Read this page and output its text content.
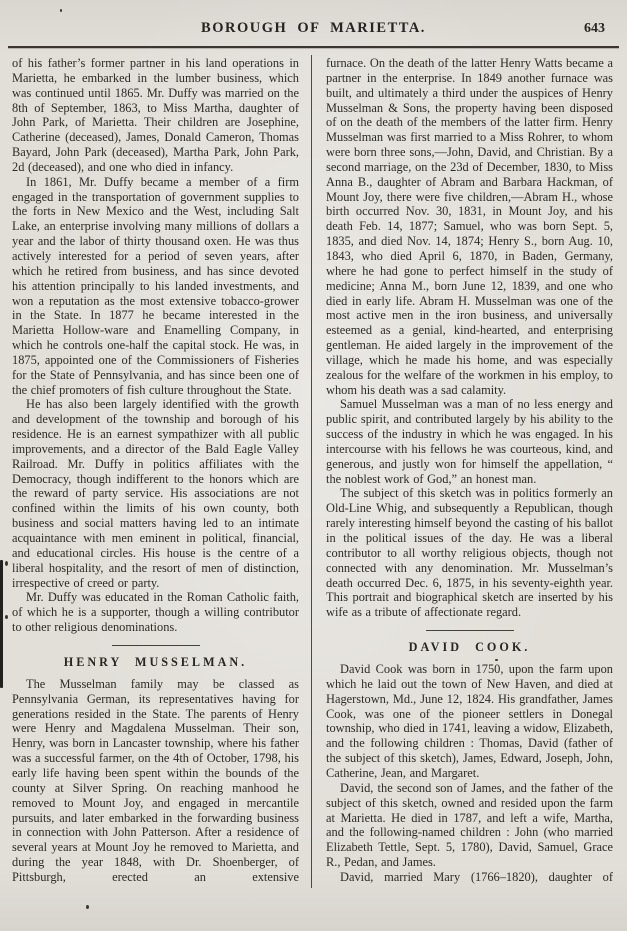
BOROUGH OF MARIETTA.	643

of his father’s former partner in his land operations in Marietta, he embarked in the lumber business, which was continued until 1865. Mr. Duffy was married on the 8th of September, 1863, to Miss Martha, daughter of John Park, of Marietta. Their children are Josephine, Catherine (deceased), James, Donald Cameron, Thomas Bayard, John Park (deceased), Martha Park, John Park, 2d (deceased), and one who died in infancy.

In 1861, Mr. Duffy became a member of a firm engaged in the transportation of government supplies to the forts in New Mexico and the West, including Salt Lake, an enterprise involving many millions of dollars a year and the labor of thirty thousand oxen. He was thus actively interested for a period of seven years, after which he retired from business, and has since devoted his attention principally to his landed investments, and won a reputation as the most extensive tobacco-grower in the State. In 1877 he became interested in the Marietta Hollow-ware and Enamelling Company, in which he controls one-half the capital stock. He was, in 1875, appointed one of the Commissioners of Fisheries for the State of Pennsylvania, and has since been one of the chief promoters of fish culture throughout the State.

He has also been largely identified with the growth and development of the township and borough of his residence. He is an earnest sympathizer with all public improvements, and a director of the Bald Eagle Valley Railroad. Mr. Duffy in politics affiliates with the Democracy, though indifferent to the honors which are the reward of party service. His associations are not confined within the limits of his own county, both business and social matters having led to an intimate acquaintance with men eminent in political, financial, and educational circles. His house is the centre of a liberal hospitality, and the resort of men of distinction, irrespective of creed or party.

Mr. Duffy was educated in the Roman Catholic faith, of which he is a supporter, though a willing contributor to other religious denominations.

HENRY MUSSELMAN.

The Musselman family may be classed as Pennsylvania German, its representatives having for generations resided in the State. The parents of Henry were Henry and Magdalena Musselman. Their son, Henry, was born in Lancaster township, where his father was a successful farmer, on the 4th of October, 1798, his early life having been spent within the bounds of the county at Silver Spring. On reaching manhood he removed to Mount Joy, and engaged in mercantile pursuits, and later embarked in the forwarding business in connection with John Patterson. After a residence of several years at Mount Joy he removed to Marietta, and during the year 1848, with Dr. Shoenberger, of Pittsburgh, erected an extensive

furnace. On the death of the latter Henry Watts became a partner in the enterprise. In 1849 another furnace was built, and ultimately a third under the auspices of Henry Musselman & Sons, the property having been disposed of on the death of the members of the latter firm. Henry Musselman was first married to a Miss Rohrer, to whom were born three sons,—John, David, and Christian. By a second marriage, on the 23d of December, 1830, to Miss Anna B., daughter of Abram and Barbara Hackman, of Mount Joy, there were five children,—Abram H., whose birth occurred Nov. 30, 1831, in Mount Joy, and his death Feb. 14, 1877; Samuel, who was born Sept. 5, 1835, and died Nov. 14, 1874; Henry S., born Aug. 10, 1843, who died April 6, 1870, in Baden, Germany, where he had gone to perfect himself in the study of medicine; Anna M., born June 12, 1839, and one who died in early life. Abram H. Musselman was one of the most active men in the iron business, and universally esteemed as a genial, kind-hearted, and enterprising gentleman. He aided largely in the improvement of the village, which he made his home, and was especially zealous for the welfare of the workmen in his employ, to whom his death was a sad calamity.

Samuel Musselman was a man of no less energy and public spirit, and contributed largely by his ability to the success of the industry in which he was engaged. In his intercourse with his fellows he was courteous, kind, and generous, and justly won for himself the appellation, “ the noblest work of God,” an honest man.

The subject of this sketch was in politics formerly an Old-Line Whig, and subsequently a Republican, though rarely interesting himself beyond the casting of his ballot in the political issues of the day. He was a liberal contributor to all worthy religious objects, though not connected with any denomination. Mr. Musselman’s death occurred Dec. 6, 1875, in his seventy-eighth year. This portrait and biographical sketch are inserted by his wife as a tribute of affectionate regard.

DAVID COOK.

David Cook was born in 1750, upon the farm upon which he laid out the town of New Haven, and died at Hagerstown, Md., June 12, 1824. His grandfather, James Cook, was one of the pioneer settlers in Donegal township, who died in 1741, leaving a widow, Elizabeth, and the following children : Thomas, David (father of the subject of this sketch), James, Edward, Joseph, John, Catherine, Jean, and Margaret.

David, the second son of James, and the father of the subject of this sketch, owned and resided upon the farm at Marietta. He died in 1787, and left a wife, Martha, and the following-named children : John (who married Elizabeth Tettle, Sept. 5, 1780), David, Samuel, Grace R., Pedan, and James.

David, married Mary (1766–1820), daughter of
